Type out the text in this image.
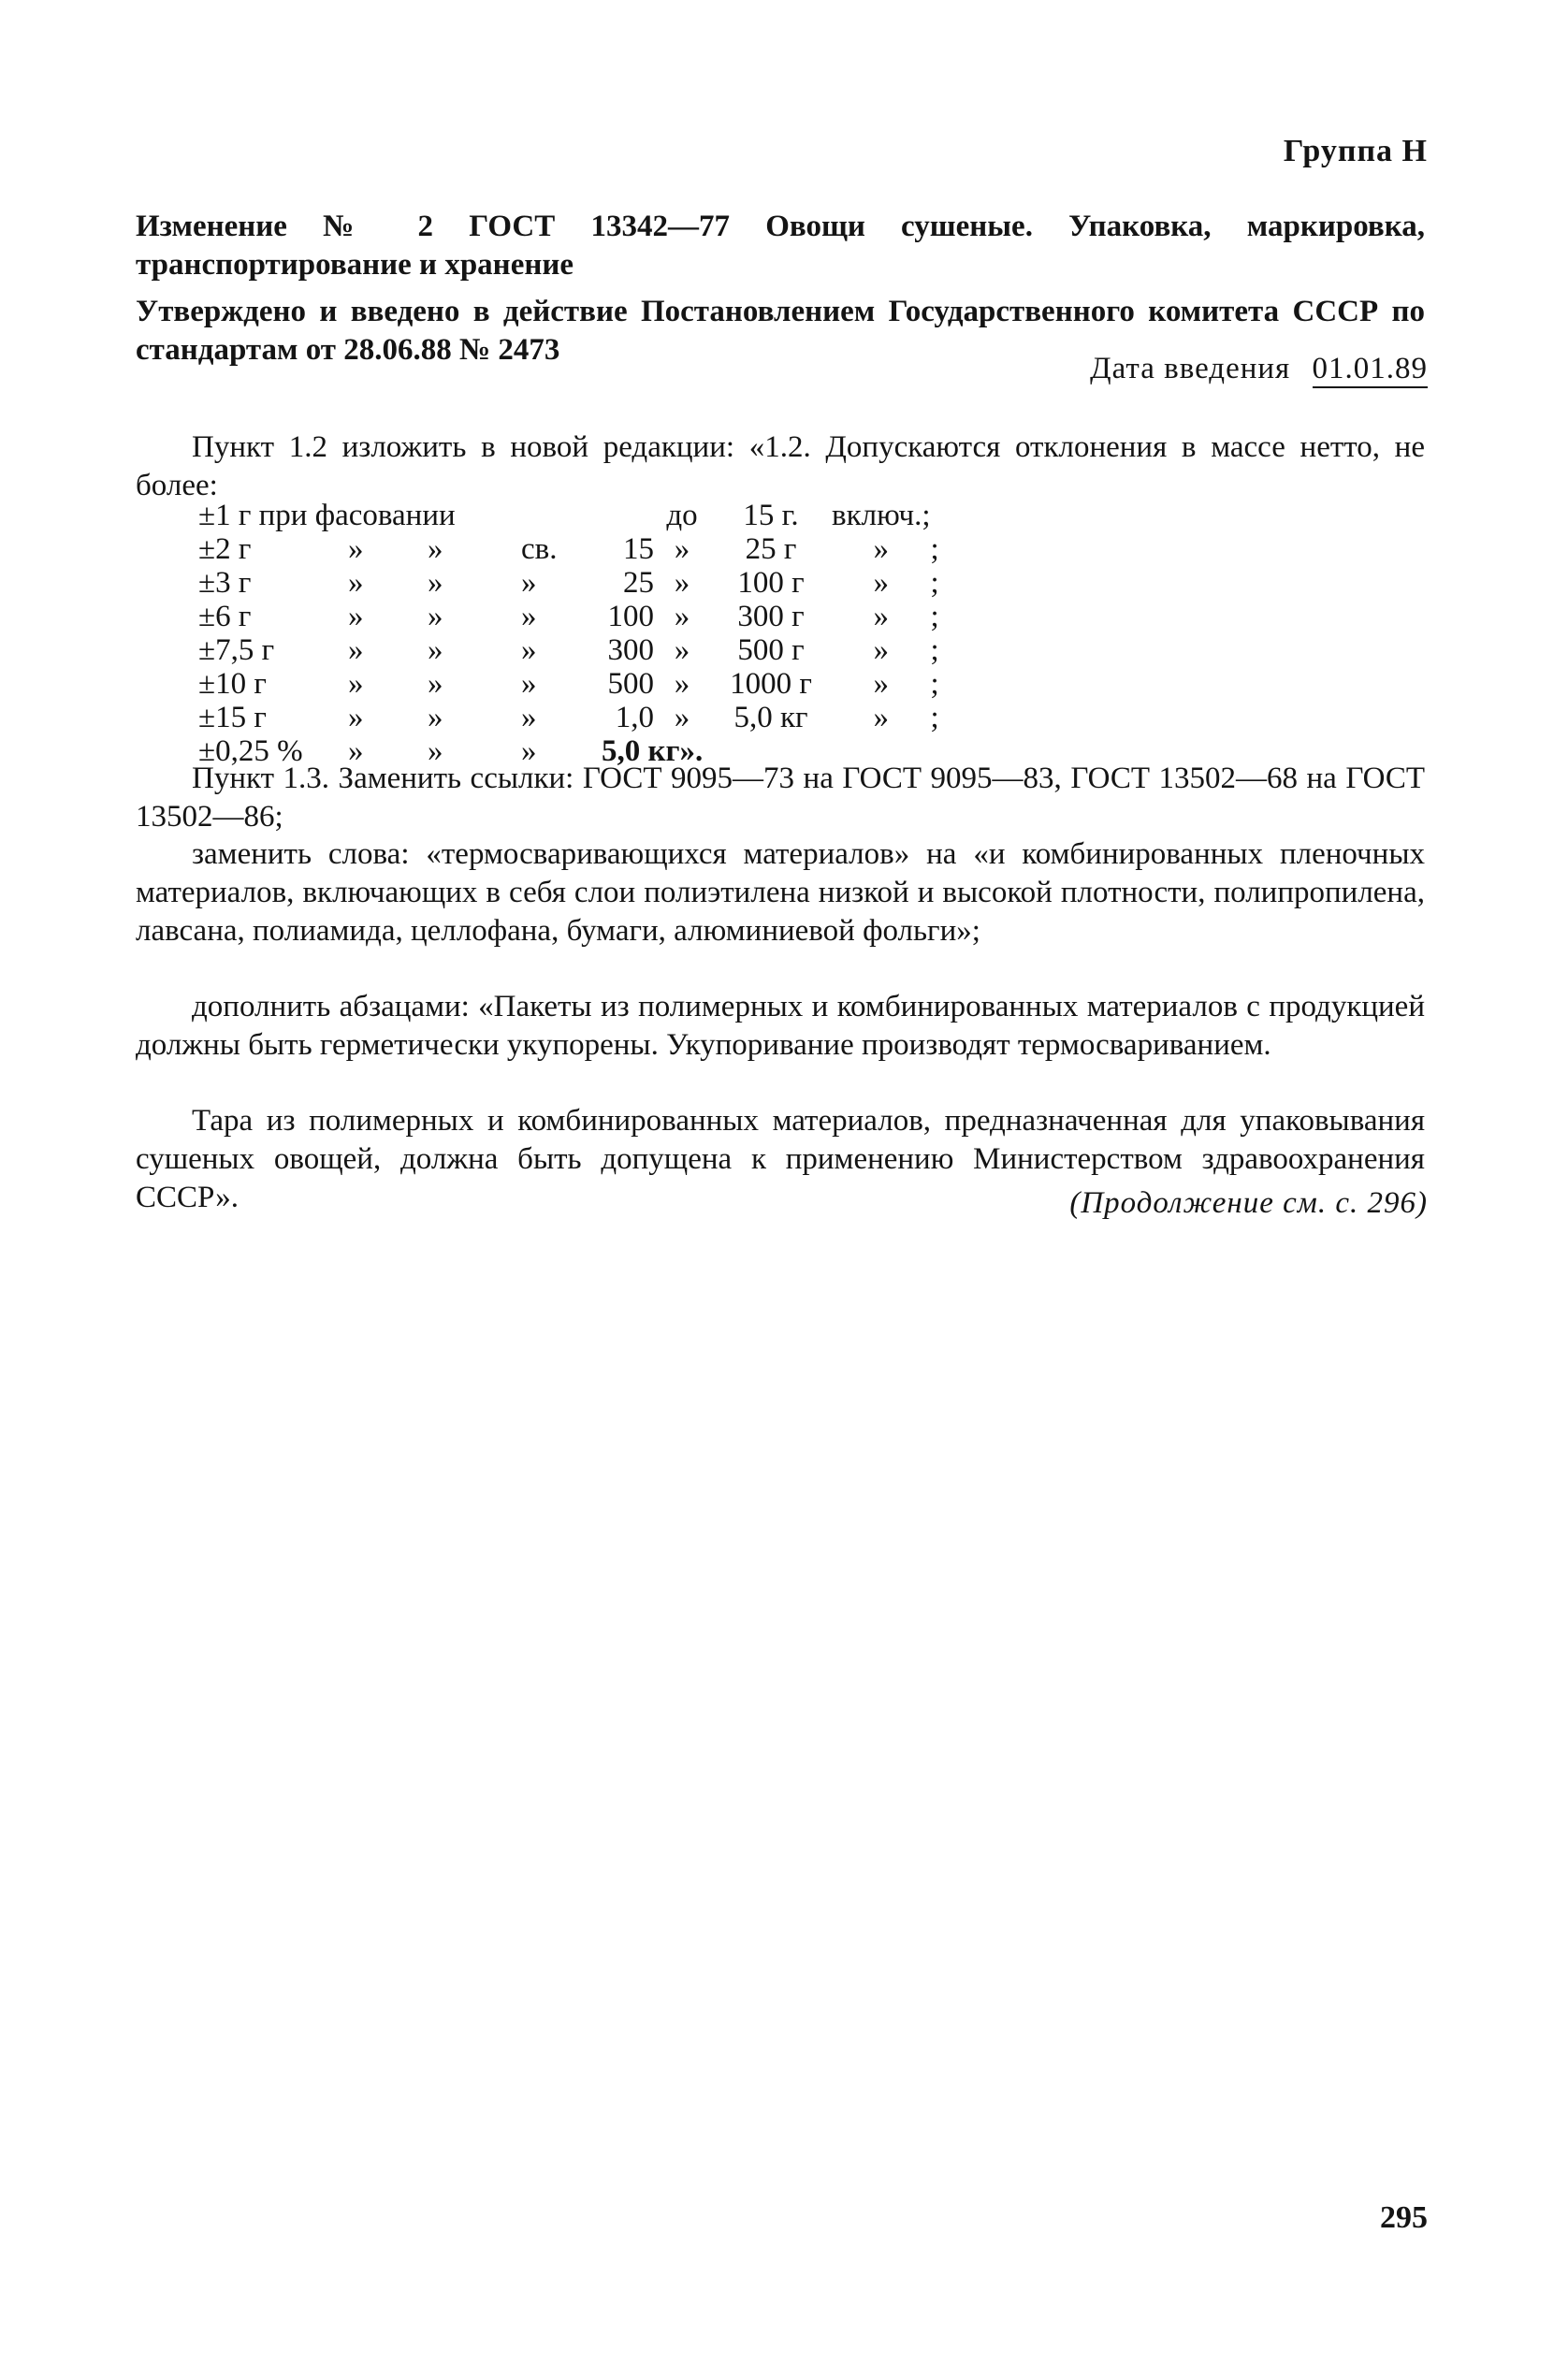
Группа Н
Изменение № 2 ГОСТ 13342—77 Овощи сушеные. Упаковка, маркировка, транспортирование и хранение
Утверждено и введено в действие Постановлением Государственного комитета СССР по стандартам от 28.06.88 № 2473
Дата введения 01.01.89
Пункт 1.2 изложить в новой редакции: «1.2. Допускаются отклонения в массе нетто, не более:
±1 г при фасовании					до	15 г.	включ.;	
±2 г	»	»	св.	15	»	25 г	»	;
±3 г	»	»	»	25	»	100 г	»	;
±6 г	»	»	»	100	»	300 г	»	;
±7,5 г	»	»	»	300	»	500 г	»	;
±10 г	»	»	»	500	»	1000 г	»	;
±15 г	»	»	»	1,0	»	5,0 кг	»	;
±0,25 %	»	»	»	5,0 кг».				
Пункт 1.3. Заменить ссылки: ГОСТ 9095—73 на ГОСТ 9095—83, ГОСТ 13502—68 на ГОСТ 13502—86;
заменить слова: «термосваривающихся материалов» на «и комбинированных пленочных материалов, включающих в себя слои полиэтилена низкой и высокой плотности, полипропилена, лавсана, полиамида, целлофана, бумаги, алюминиевой фольги»;
дополнить абзацами: «Пакеты из полимерных и комбинированных материалов с продукцией должны быть герметически укупорены. Укупоривание производят термосвариванием.
Тара из полимерных и комбинированных материалов, предназначенная для упаковывания сушеных овощей, должна быть допущена к применению Министерством здравоохранения СССР».	(Продолжение см. с. 296)
295
